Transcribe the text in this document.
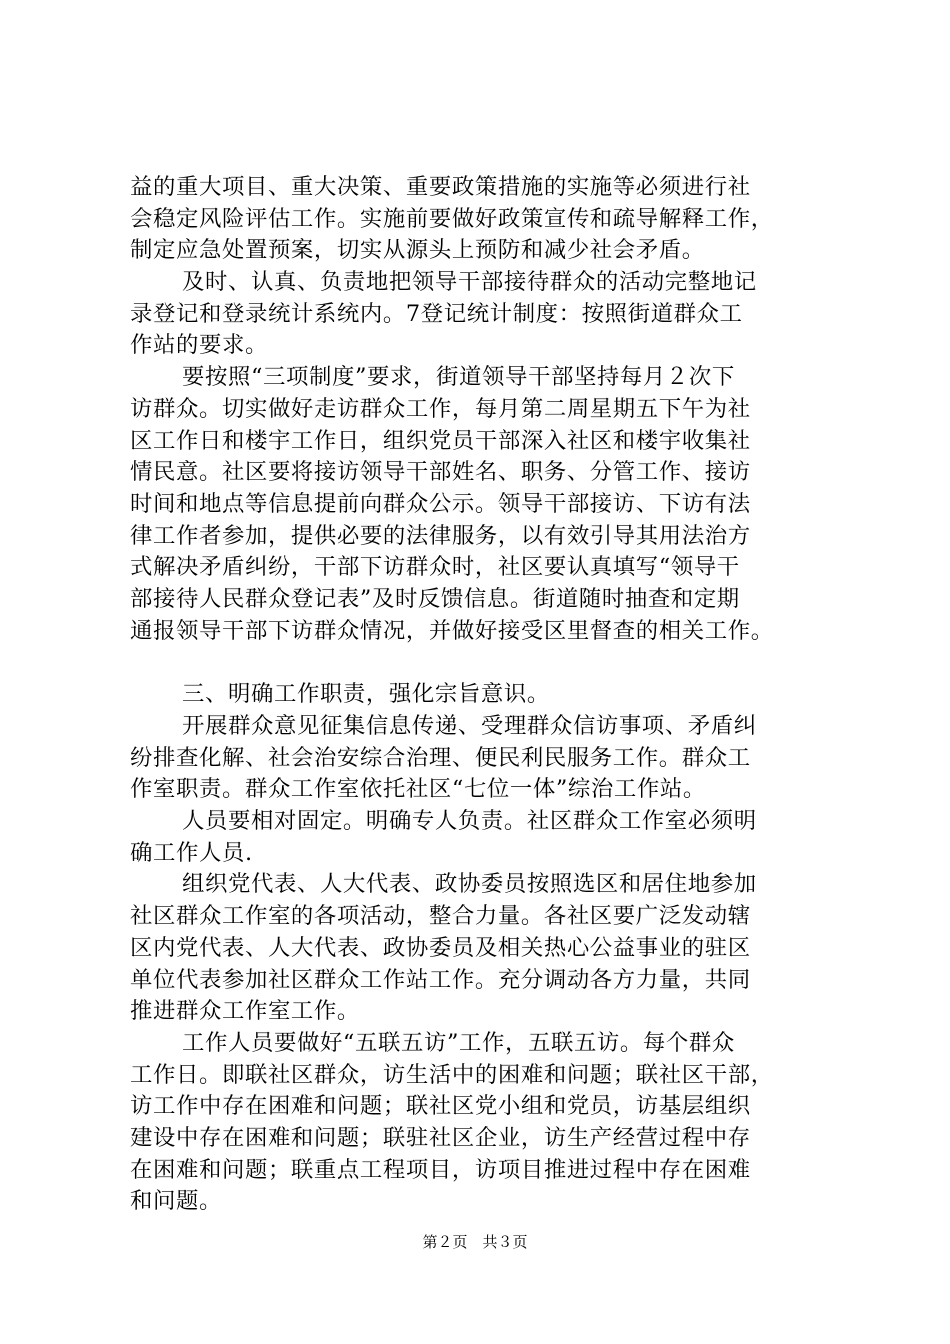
益的重大项目、重大决策、重要政策措施的实施等必须进行社
会稳定风险评估工作。实施前要做好政策宣传和疏导解释工作，
制定应急处置预案，切实从源头上预防和减少社会矛盾。
及时、认真、负责地把领导干部接待群众的活动完整地记
录登记和登录统计系统内。7登记统计制度：按照街道群众工
作站的要求。
要按照“三项制度”要求，街道领导干部坚持每月２次下
访群众。切实做好走访群众工作，每月第二周星期五下午为社
区工作日和楼宇工作日，组织党员干部深入社区和楼宇收集社
情民意。社区要将接访领导干部姓名、职务、分管工作、接访
时间和地点等信息提前向群众公示。领导干部接访、下访有法
律工作者参加，提供必要的法律服务，以有效引导其用法治方
式解决矛盾纠纷，干部下访群众时，社区要认真填写“领导干
部接待人民群众登记表”及时反馈信息。街道随时抽查和定期
通报领导干部下访群众情况，并做好接受区里督查的相关工作。
三、明确工作职责，强化宗旨意识。
开展群众意见征集信息传递、受理群众信访事项、矛盾纠
纷排查化解、社会治安综合治理、便民利民服务工作。群众工
作室职责。群众工作室依托社区“七位一体”综治工作站。
人员要相对固定。明确专人负责。社区群众工作室必须明
确工作人员.
组织党代表、人大代表、政协委员按照选区和居住地参加
社区群众工作室的各项活动，整合力量。各社区要广泛发动辖
区内党代表、人大代表、政协委员及相关热心公益事业的驻区
单位代表参加社区群众工作站工作。充分调动各方力量，共同
推进群众工作室工作。
工作人员要做好“五联五访”工作，五联五访。每个群众
工作日。即联社区群众，访生活中的困难和问题；联社区干部，
访工作中存在困难和问题；联社区党小组和党员，访基层组织
建设中存在困难和问题；联驻社区企业，访生产经营过程中存
在困难和问题；联重点工程项目，访项目推进过程中存在困难
和问题。
第２页　共３页
